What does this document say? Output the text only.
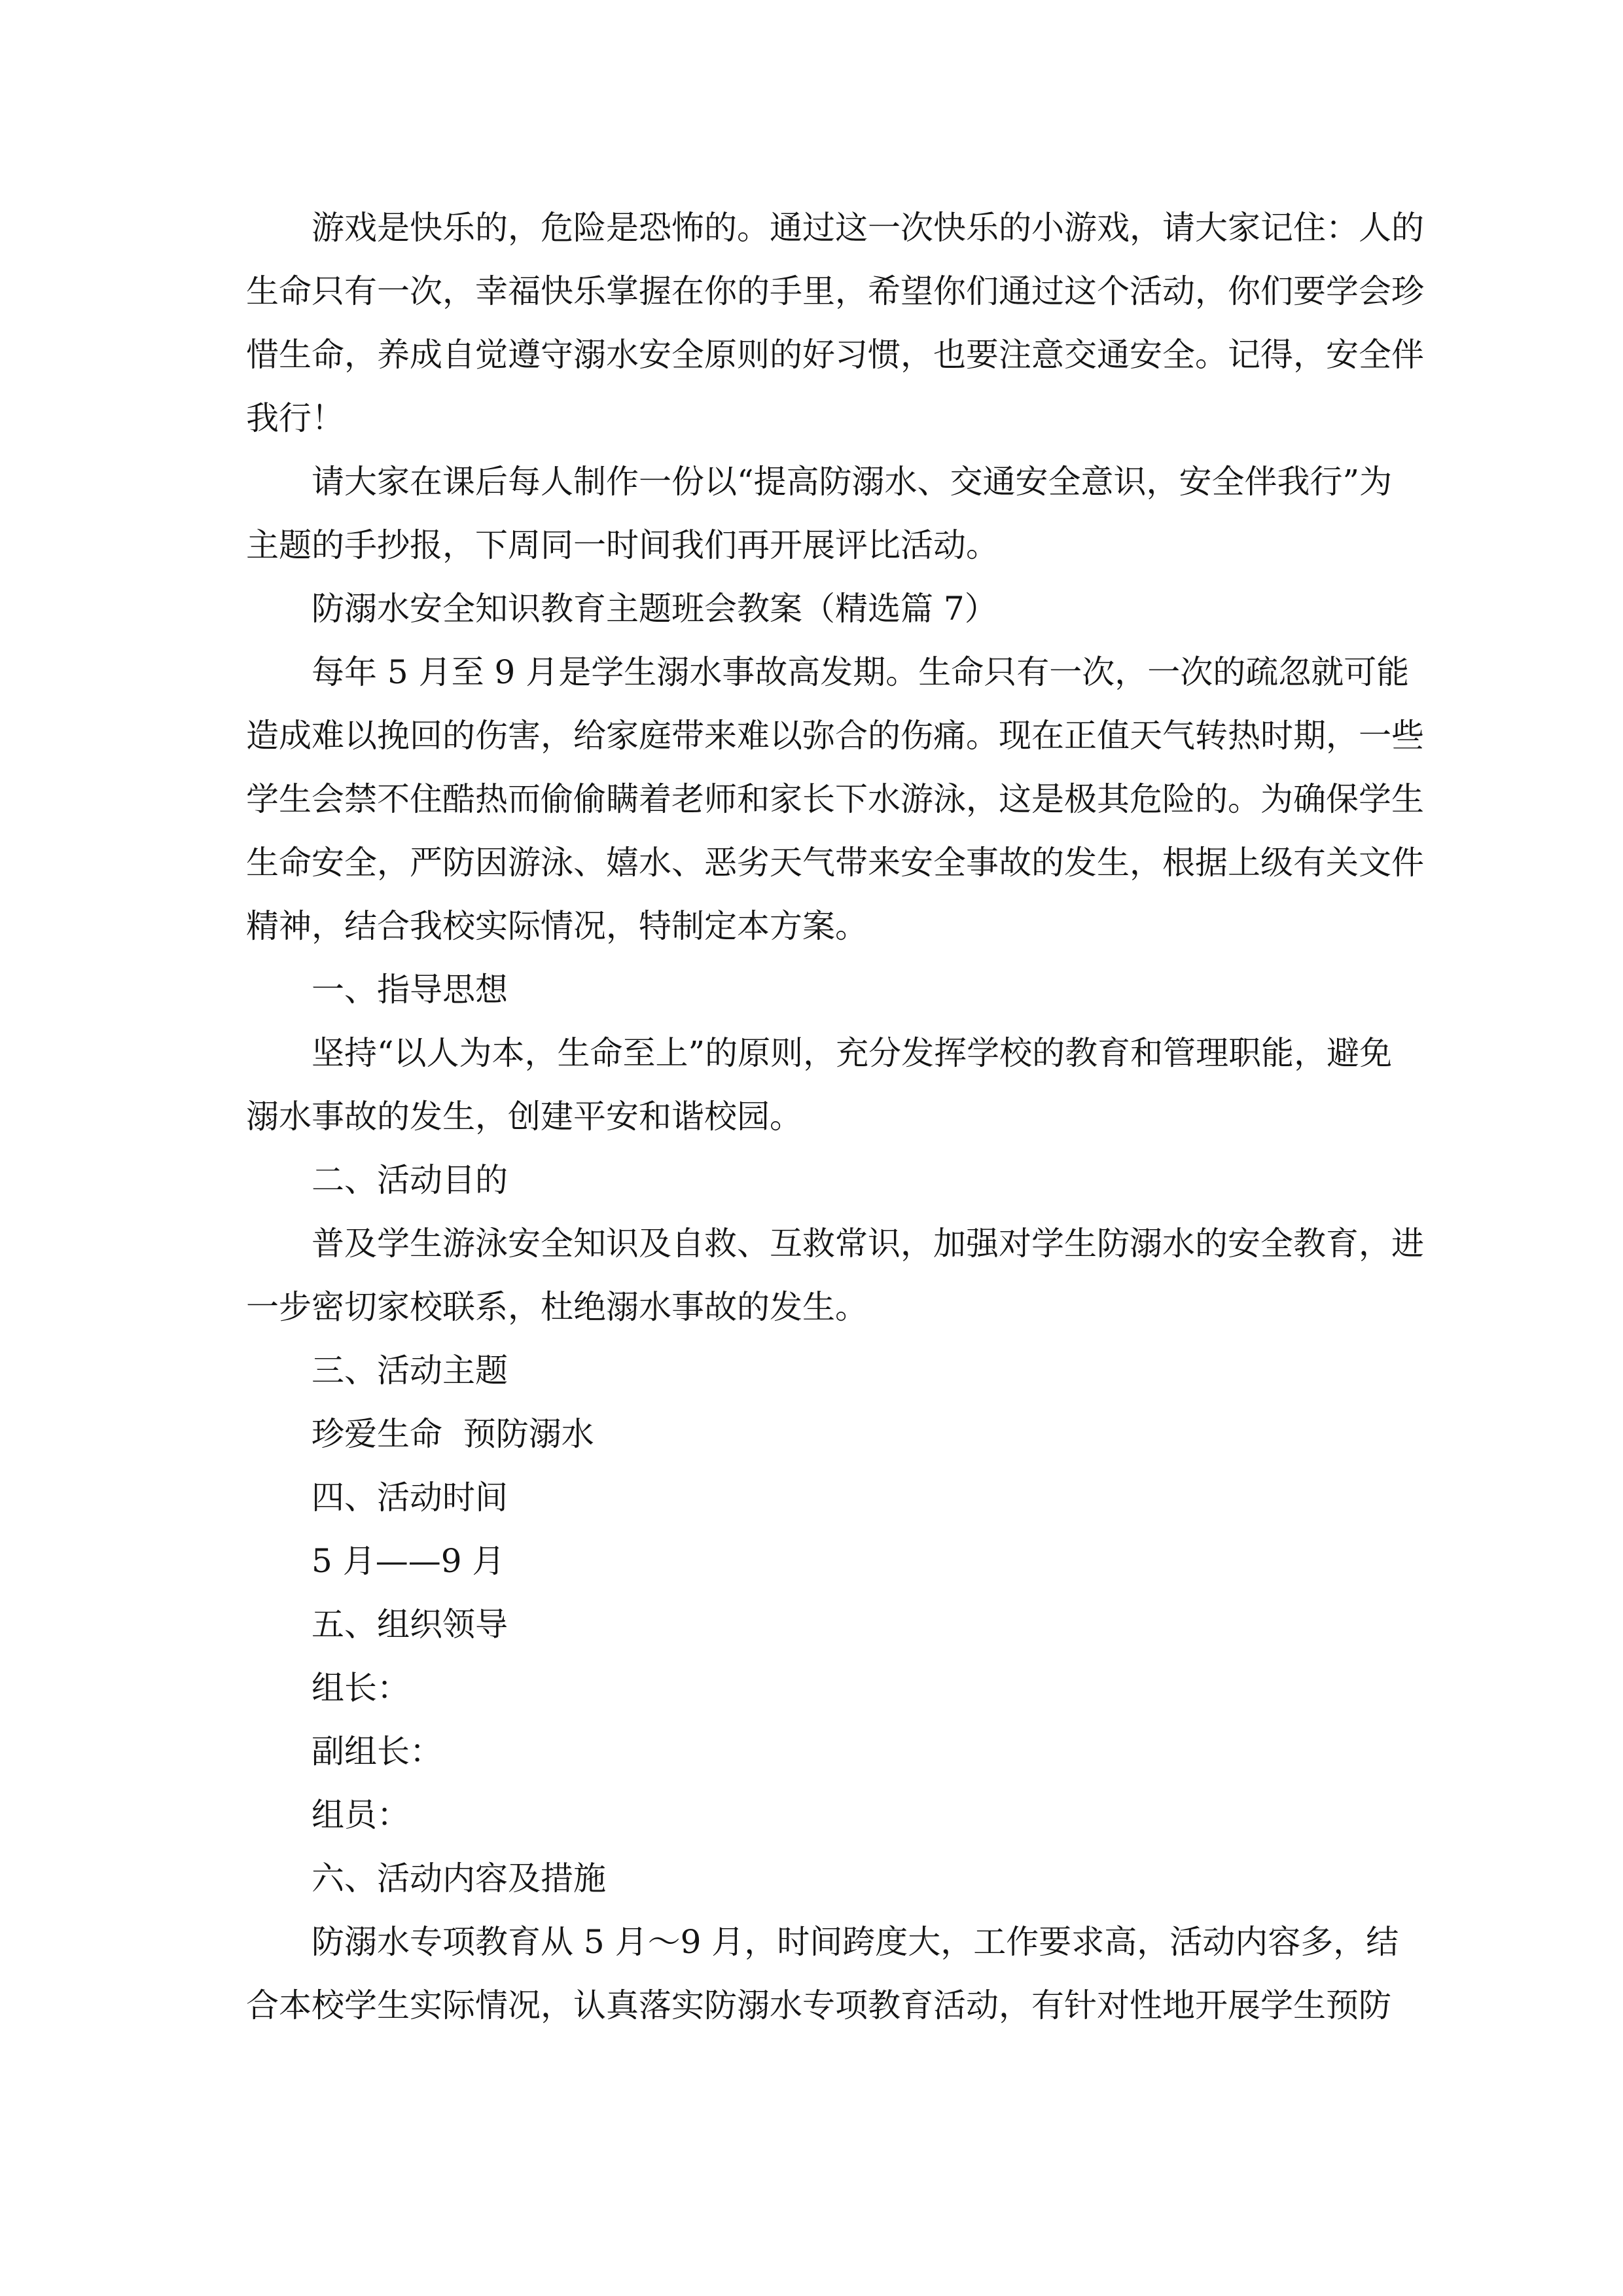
游戏是快乐的，危险是恐怖的。通过这一次快乐的小游戏，请大家记住：人的生命只有一次，幸福快乐掌握在你的手里，希望你们通过这个活动，你们要学会珍惜生命，养成自觉遵守溺水安全原则的好习惯，也要注意交通安全。记得，安全伴我行！

请大家在课后每人制作一份以“提高防溺水、交通安全意识，安全伴我行”为主题的手抄报，下周同一时间我们再开展评比活动。

防溺水安全知识教育主题班会教案（精选篇 7）

每年 5 月至 9 月是学生溺水事故高发期。生命只有一次，一次的疏忽就可能造成难以挽回的伤害，给家庭带来难以弥合的伤痛。现在正值天气转热时期，一些学生会禁不住酷热而偷偷瞒着老师和家长下水游泳，这是极其危险的。为确保学生生命安全，严防因游泳、嬉水、恶劣天气带来安全事故的发生，根据上级有关文件精神，结合我校实际情况，特制定本方案。

一、指导思想

坚持“以人为本，生命至上”的原则，充分发挥学校的教育和管理职能，避免溺水事故的发生，创建平安和谐校园。

二、活动目的

普及学生游泳安全知识及自救、互救常识，加强对学生防溺水的安全教育，进一步密切家校联系，杜绝溺水事故的发生。

三、活动主题

珍爱生命  预防溺水

四、活动时间

5 月——9 月

五、组织领导

组长：

副组长：

组员：

六、活动内容及措施

防溺水专项教育从 5 月～9 月，时间跨度大，工作要求高，活动内容多，结合本校学生实际情况，认真落实防溺水专项教育活动，有针对性地开展学生预防
